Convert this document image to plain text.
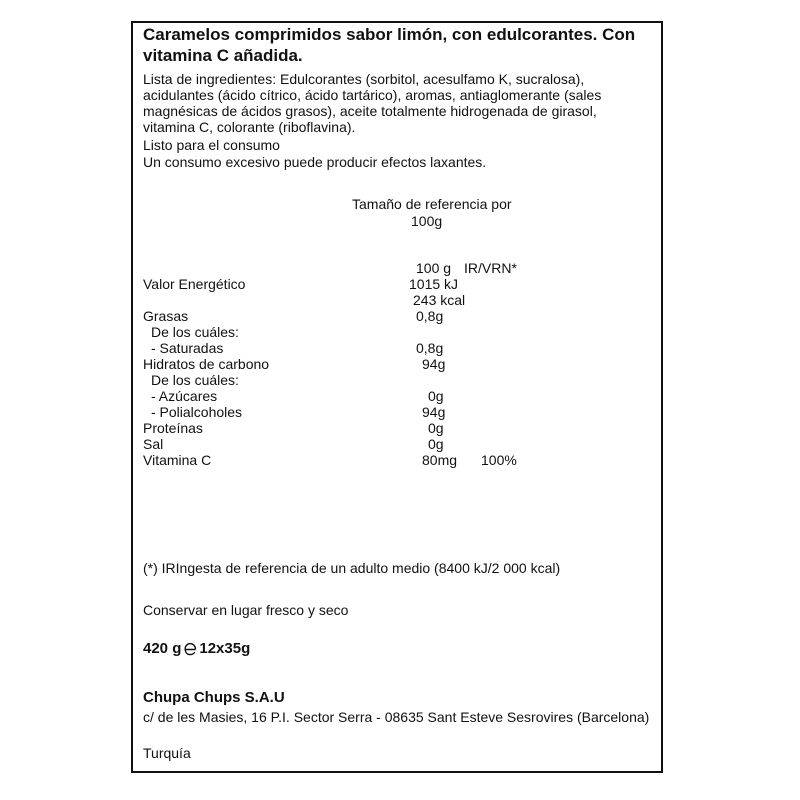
Caramelos comprimidos sabor limón, con edulcorantes. Con vitamina C añadida.
Lista de ingredientes: Edulcorantes (sorbitol, acesulfamo K, sucralosa), acidulantes (ácido cítrico, ácido tartárico), aromas, antiaglomerante (sales magnésicas de ácidos grasos), aceite totalmente hidrogenada de girasol, vitamina C, colorante (riboflavina).
Listo para el consumo
Un consumo excesivo puede producir efectos laxantes.
Tamaño de referencia por
100g
100 g IR/VRN*
Valor Energético	1015 kJ
243 kcal
Grasas	0,8g
De los cuáles:
- Saturadas	0,8g
Hidratos de carbono	94g
De los cuáles:
- Azúcares	0g
- Polialcoholes	94g
Proteínas	0g
Sal	0g
Vitamina C	80mg 100%
(*) IRIngesta de referencia de un adulto medio (8400 kJ/2 000 kcal)
Conservar en lugar fresco y seco
420 g 12x35g
Chupa Chups S.A.U
c/ de les Masies, 16 P.I. Sector Serra - 08635 Sant Esteve Sesrovires (Barcelona)
Turquía
